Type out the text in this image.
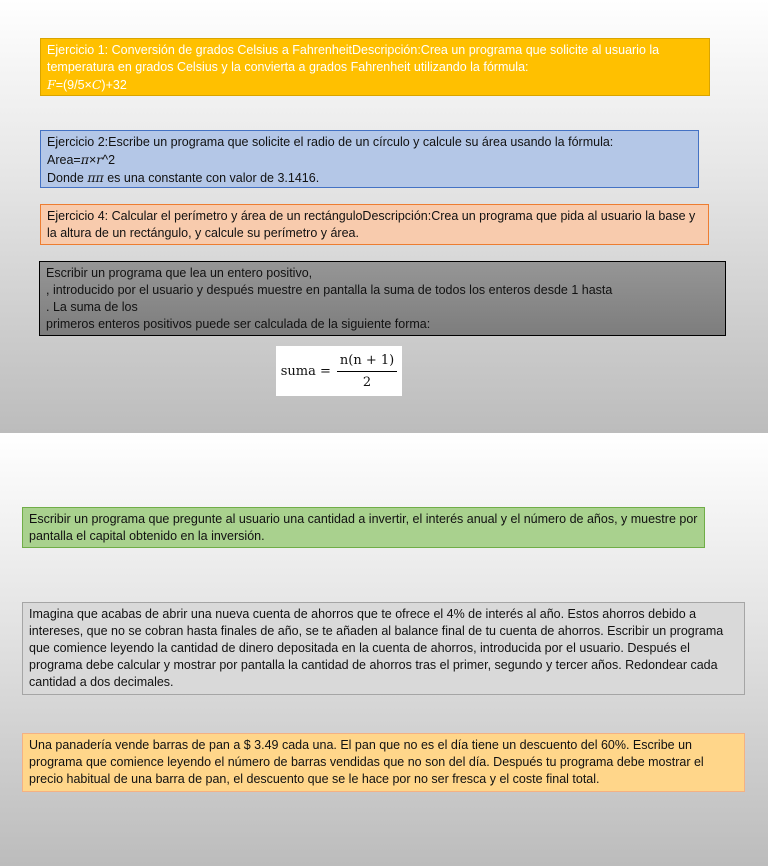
Ejercicio 1: Conversión de grados Celsius a FahrenheitDescripción:Crea un programa que solicite al usuario la temperatura en grados Celsius y la convierta a grados Fahrenheit utilizando la fórmula:

F=(9/5×C)+32

Ejercicio 2:Escribe un programa que solicite el radio de un círculo y calcule su área usando la fórmula:

Area=π×r^2

Donde ππ es una constante con valor de 3.1416.

Ejercicio 4: Calcular el perímetro y área de un rectánguloDescripción:Crea un programa que pida al usuario la base y la altura de un rectángulo, y calcule su perímetro y área.

Escribir un programa que lea un entero positivo,
, introducido por el usuario y después muestre en pantalla la suma de todos los enteros desde 1 hasta
. La suma de los
primeros enteros positivos puede ser calculada de la siguiente forma:

suma = $\frac{n(n + 1)}{2}$

Escribir un programa que pregunte al usuario una cantidad a invertir, el interés anual y el número de años, y muestre por pantalla el capital obtenido en la inversión.

Imagina que acabas de abrir una nueva cuenta de ahorros que te ofrece el 4% de interés al año. Estos ahorros debido a intereses, que no se cobran hasta finales de año, se te añaden al balance final de tu cuenta de ahorros. Escribir un programa que comience leyendo la cantidad de dinero depositada en la cuenta de ahorros, introducida por el usuario. Después el programa debe calcular y mostrar por pantalla la cantidad de ahorros tras el primer, segundo y tercer años. Redondear cada cantidad a dos decimales.

Una panadería vende barras de pan a $ 3.49 cada una. El pan que no es el día tiene un descuento del 60%. Escribe un programa que comience leyendo el número de barras vendidas que no son del día. Después tu programa debe mostrar el precio habitual de una barra de pan, el descuento que se le hace por no ser fresca y el coste final total.
